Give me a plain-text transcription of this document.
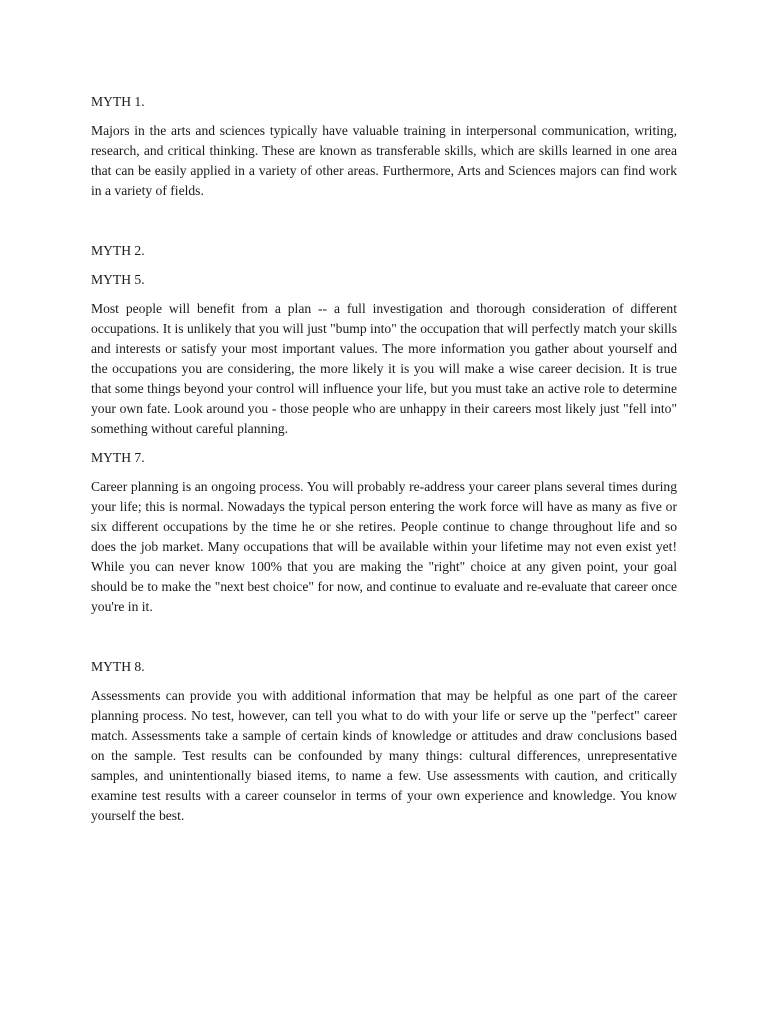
MYTH 1.
Majors in the arts and sciences typically have valuable training in interpersonal communication, writing, research, and critical thinking. These are known as transferable skills, which are skills learned in one area that can be easily applied in a variety of other areas. Furthermore, Arts and Sciences majors can find work in a variety of fields.
MYTH 2.
MYTH 5.
Most people will benefit from a plan -- a full investigation and thorough consideration of different occupations. It is unlikely that you will just "bump into" the occupation that will perfectly match your skills and interests or satisfy your most important values. The more information you gather about yourself and the occupations you are considering, the more likely it is you will make a wise career decision. It is true that some things beyond your control will influence your life, but you must take an active role to determine your own fate. Look around you - those people who are unhappy in their careers most likely just "fell into" something without careful planning.
MYTH 7.
Career planning is an ongoing process. You will probably re-address your career plans several times during your life; this is normal. Nowadays the typical person entering the work force will have as many as five or six different occupations by the time he or she retires. People continue to change throughout life and so does the job market. Many occupations that will be available within your lifetime may not even exist yet! While you can never know 100% that you are making the "right" choice at any given point, your goal should be to make the "next best choice" for now, and continue to evaluate and re-evaluate that career once you're in it.
MYTH 8.
Assessments can provide you with additional information that may be helpful as one part of the career planning process. No test, however, can tell you what to do with your life or serve up the "perfect" career match. Assessments take a sample of certain kinds of knowledge or attitudes and draw conclusions based on the sample. Test results can be confounded by many things: cultural differences, unrepresentative samples, and unintentionally biased items, to name a few. Use assessments with caution, and critically examine test results with a career counselor in terms of your own experience and knowledge. You know yourself the best.
